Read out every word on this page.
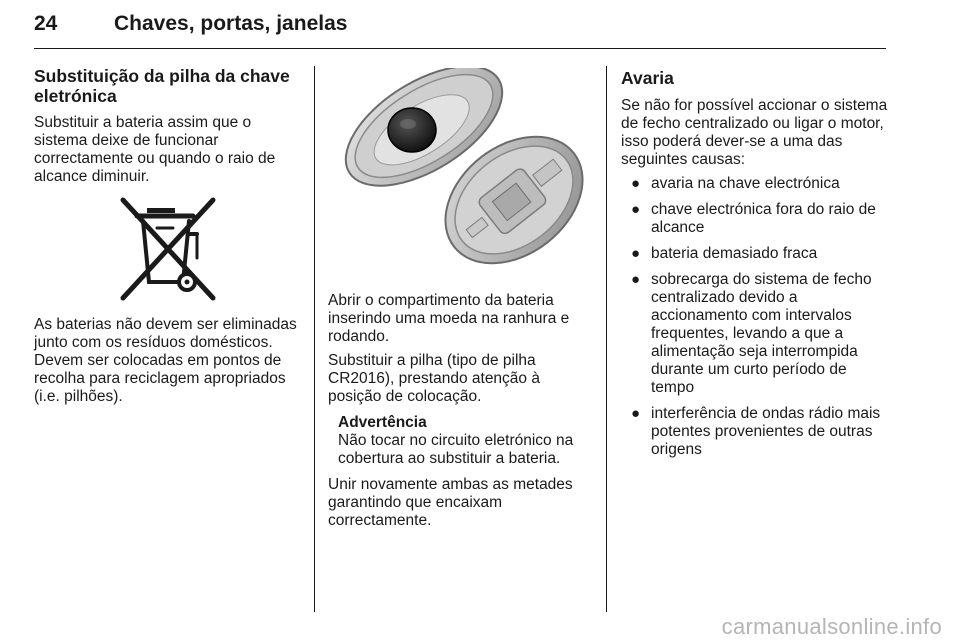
24	Chaves, portas, janelas
Substituição da pilha da chave eletrónica

Substituir a bateria assim que o sistema deixe de funcionar correctamente ou quando o raio de alcance diminuir.

As baterias não devem ser eliminadas junto com os resíduos domésticos. Devem ser colocadas em pontos de recolha para reciclagem apropriados (i.e. pilhões).

Abrir o compartimento da bateria inserindo uma moeda na ranhura e rodando.

Substituir a pilha (tipo de pilha CR2016), prestando atenção à posição de colocação.

Advertência
Não tocar no circuito eletrónico na cobertura ao substituir a bateria.

Unir novamente ambas as metades garantindo que encaixam correctamente.

Avaria

Se não for possível accionar o sistema de fecho centralizado ou ligar o motor, isso poderá dever-se a uma das seguintes causas:

● avaria na chave electrónica
● chave electrónica fora do raio de alcance
● bateria demasiado fraca
● sobrecarga do sistema de fecho centralizado devido a accionamento com intervalos frequentes, levando a que a alimentação seja interrompida durante um curto período de tempo
● interferência de ondas rádio mais potentes provenientes de outras origens
carmanualsonline.info
